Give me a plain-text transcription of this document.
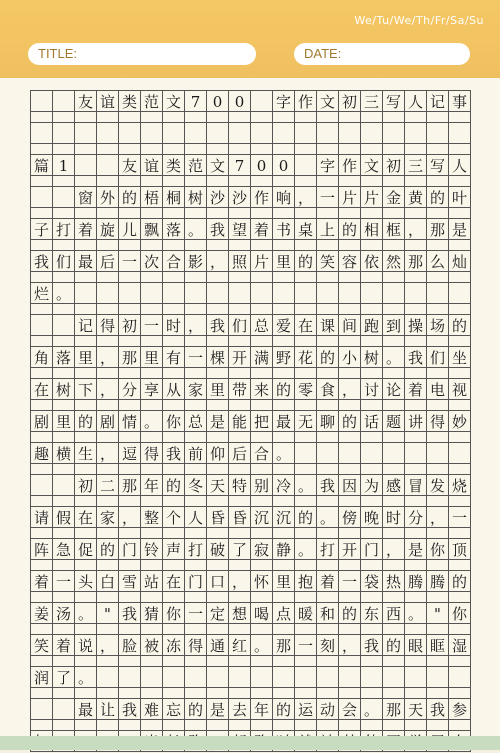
We/Tu/We/Th/Fr/Sa/Su
TITLE:	DATE:
友 谊 类 范 文 7 0 0	字 作 文 初 三 写 人 记 事
篇 1	友 谊 类 范 文 7 0 0	字 作 文 初 三 写 人
窗 外 的 梧 桐 树 沙 沙 作 响 ， 一 片 片 金 黄 的 叶
子 打 着 旋 儿 飘 落 。 我 望 着 书 桌 上 的 相 框 ， 那 是
我 们 最 后 一 次 合 影 ， 照 片 里 的 笑 容 依 然 那 么 灿
烂 。
记 得 初 一 时 ， 我 们 总 爱 在 课 间 跑 到 操 场 的
角 落 里 ， 那 里 有 一 棵 开 满 野 花 的 小 树 。 我 们 坐
在 树 下 ， 分 享 从 家 里 带 来 的 零 食 ， 讨 论 着 电 视
剧 里 的 剧 情 。 你 总 是 能 把 最 无 聊 的 话 题 讲 得 妙
趣 横 生 ， 逗 得 我 前 仰 后 合 。
初 二 那 年 的 冬 天 特 别 冷 。 我 因 为 感 冒 发 烧
请 假 在 家 ， 整 个 人 昏 昏 沉 沉 的 。 傍 晚 时 分 ， 一
阵 急 促 的 门 铃 声 打 破 了 寂 静 。 打 开 门 ， 是 你 顶
着 一 头 白 雪 站 在 门 口 ， 怀 里 抱 着 一 袋 热 腾 腾 的
姜 汤 。 " 我 猜 你 一 定 想 喝 点 暖 和 的 东 西 。 " 你
笑 着 说 ， 脸 被 冻 得 通 红 。 那 一 刻 ， 我 的 眼 眶 湿
润 了 。
最 让 我 难 忘 的 是 去 年 的 运 动 会 。 那 天 我 参
